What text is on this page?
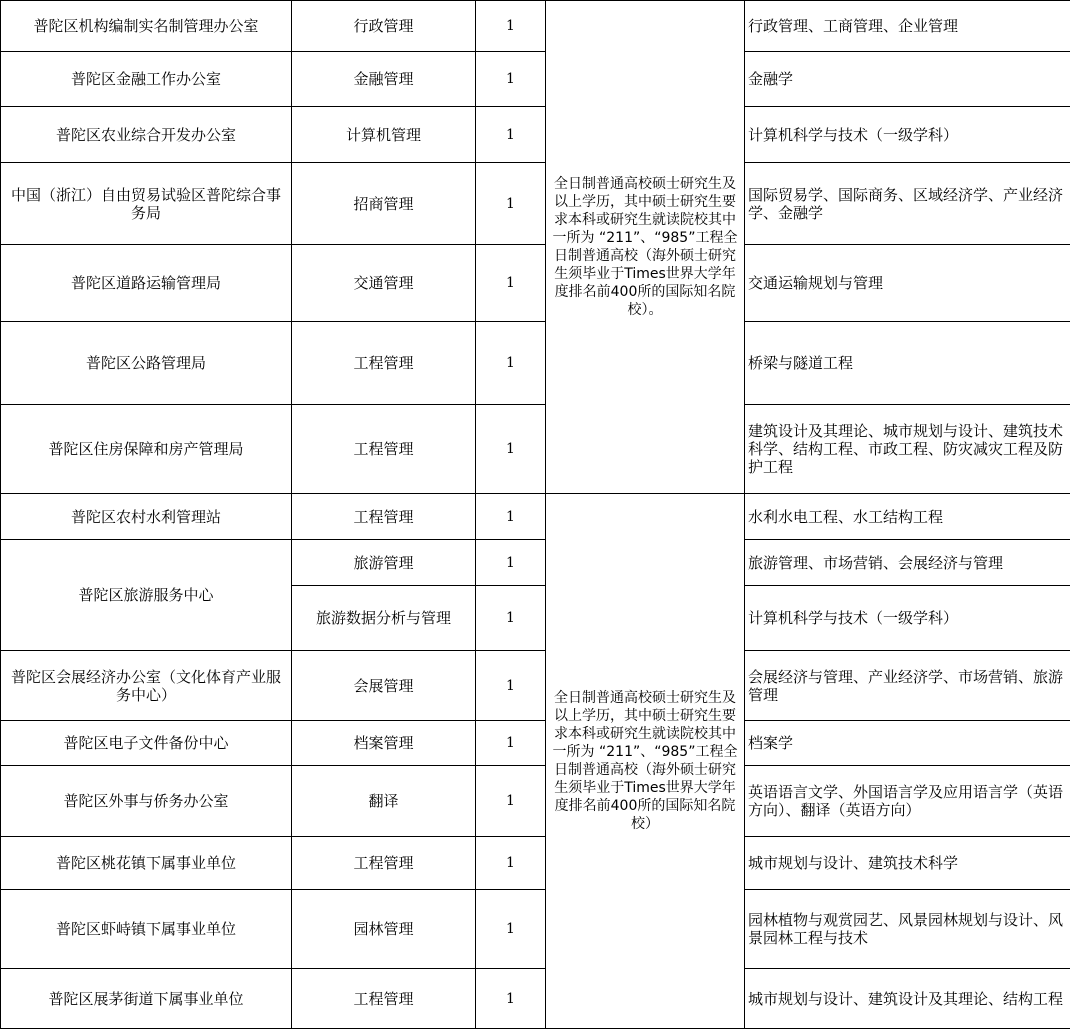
普陀区机构编制实名制管理办公室	行政管理	1	全日制普通高校硕士研究生及以上学历，其中硕士研究生要求本科或研究生就读院校其中一所为 “211”、“985”工程全日制普通高校（海外硕士研究生须毕业于Times世界大学年度排名前400所的国际知名院校）。	行政管理、工商管理、企业管理
普陀区金融工作办公室	金融管理	1		金融学
普陀区农业综合开发办公室	计算机管理	1		计算机科学与技术（一级学科）
中国（浙江）自由贸易试验区普陀综合事务局	招商管理	1		国际贸易学、国际商务、区域经济学、产业经济学、金融学
普陀区道路运输管理局	交通管理	1		交通运输规划与管理
普陀区公路管理局	工程管理	1		桥梁与隧道工程
普陀区住房保障和房产管理局	工程管理	1		建筑设计及其理论、城市规划与设计、建筑技术科学、结构工程、市政工程、防灾减灾工程及防护工程
普陀区农村水利管理站	工程管理	1	全日制普通高校硕士研究生及以上学历，其中硕士研究生要求本科或研究生就读院校其中一所为 “211”、“985”工程全日制普通高校（海外硕士研究生须毕业于Times世界大学年度排名前400所的国际知名院校）	水利水电工程、水工结构工程
普陀区旅游服务中心	旅游管理	1		旅游管理、市场营销、会展经济与管理
	旅游数据分析与管理	1		计算机科学与技术（一级学科）
普陀区会展经济办公室（文化体育产业服务中心）	会展管理	1		会展经济与管理、产业经济学、市场营销、旅游管理
普陀区电子文件备份中心	档案管理	1		档案学
普陀区外事与侨务办公室	翻译	1		英语语言文学、外国语言学及应用语言学（英语方向）、翻译（英语方向）
普陀区桃花镇下属事业单位	工程管理	1		城市规划与设计、建筑技术科学
普陀区虾峙镇下属事业单位	园林管理	1		园林植物与观赏园艺、风景园林规划与设计、风景园林工程与技术
普陀区展茅街道下属事业单位	工程管理	1		城市规划与设计、建筑设计及其理论、结构工程
